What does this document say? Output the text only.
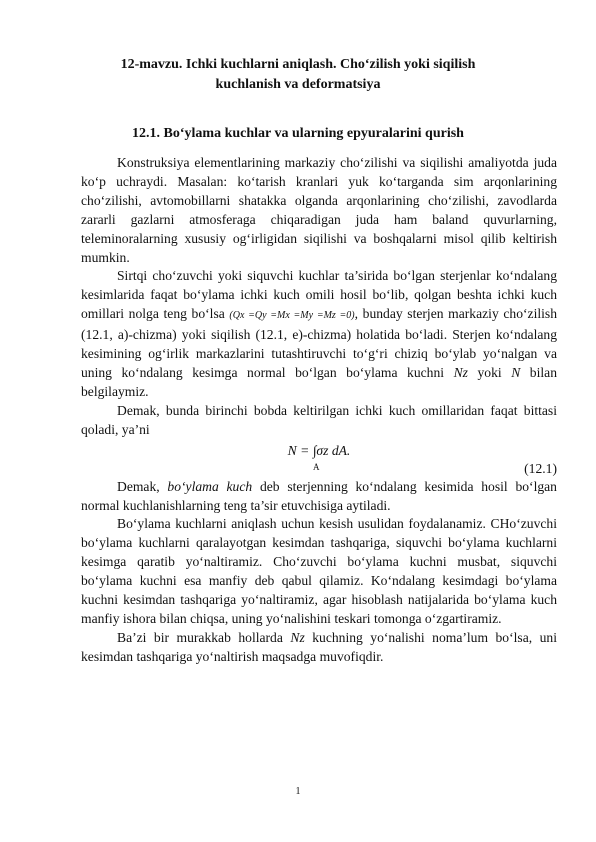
12-mavzu. Ichki kuchlarni aniqlash. Cho‘zilish yoki siqilish
kuchlanish va deformatsiya
12.1. Bo‘ylama kuchlar va ularning epyuralarini qurish

Konstruksiya elementlarining markaziy cho‘zilishi va siqilishi amaliyotda juda ko‘p uchraydi. Masalan: ko‘tarish kranlari yuk ko‘targanda sim arqonlarining cho‘zilishi, avtomobillarni shatakka olganda arqonlarining cho‘zilishi, zavodlarda zararli gazlarni atmosferaga chiqaradigan juda ham baland quvurlarning, teleminoralarning xususiy og‘irligidan siqilishi va boshqalarni misol qilib keltirish mumkin.

Sirtqi cho‘zuvchi yoki siquvchi kuchlar ta’sirida bo‘lgan sterjenlar ko‘ndalang kesimlarida faqat bo‘ylama ichki kuch omili hosil bo‘lib, qolgan beshta ichki kuch omillari nolga teng bo‘lsa (Qx =Qy =Mx =My =Mz =0), bunday sterjen markaziy cho‘zilish (12.1, a)-chizma) yoki siqilish (12.1, e)-chizma) holatida bo‘ladi. Sterjen ko‘ndalang kesimining og‘irlik markazlarini tutashtiruvchi to‘g‘ri chiziq bo‘ylab yo‘nalgan va uning ko‘ndalang kesimga normal bo‘lgan bo‘ylama kuchni Nz yoki N bilan belgilaymiz.

Demak, bunda birinchi bobda keltirilgan ichki kuch omillaridan faqat bittasi qoladi, ya’ni

N = ∫σz dA.
A	(12.1)

Demak, bo‘ylama kuch deb sterjenning ko‘ndalang kesimida hosil bo‘lgan normal kuchlanishlarning teng ta’sir etuvchisiga aytiladi.

Bo‘ylama kuchlarni aniqlash uchun kesish usulidan foydalanamiz. CHo‘zuvchi bo‘ylama kuchlarni qaralayotgan kesimdan tashqariga, siquvchi bo‘ylama kuchlarni kesimga qaratib yo‘naltiramiz. Cho‘zuvchi bo‘ylama kuchni musbat, siquvchi bo‘ylama kuchni esa manfiy deb qabul qilamiz. Ko‘ndalang kesimdagi bo‘ylama kuchni kesimdan tashqariga yo‘naltiramiz, agar hisoblash natijalarida bo‘ylama kuch manfiy ishora bilan chiqsa, uning yo‘nalishini teskari tomonga o‘zgartiramiz.

Ba’zi bir murakkab hollarda Nz kuchning yo‘nalishi noma’lum bo‘lsa, uni kesimdan tashqariga yo‘naltirish maqsadga muvofiqdir.

1
